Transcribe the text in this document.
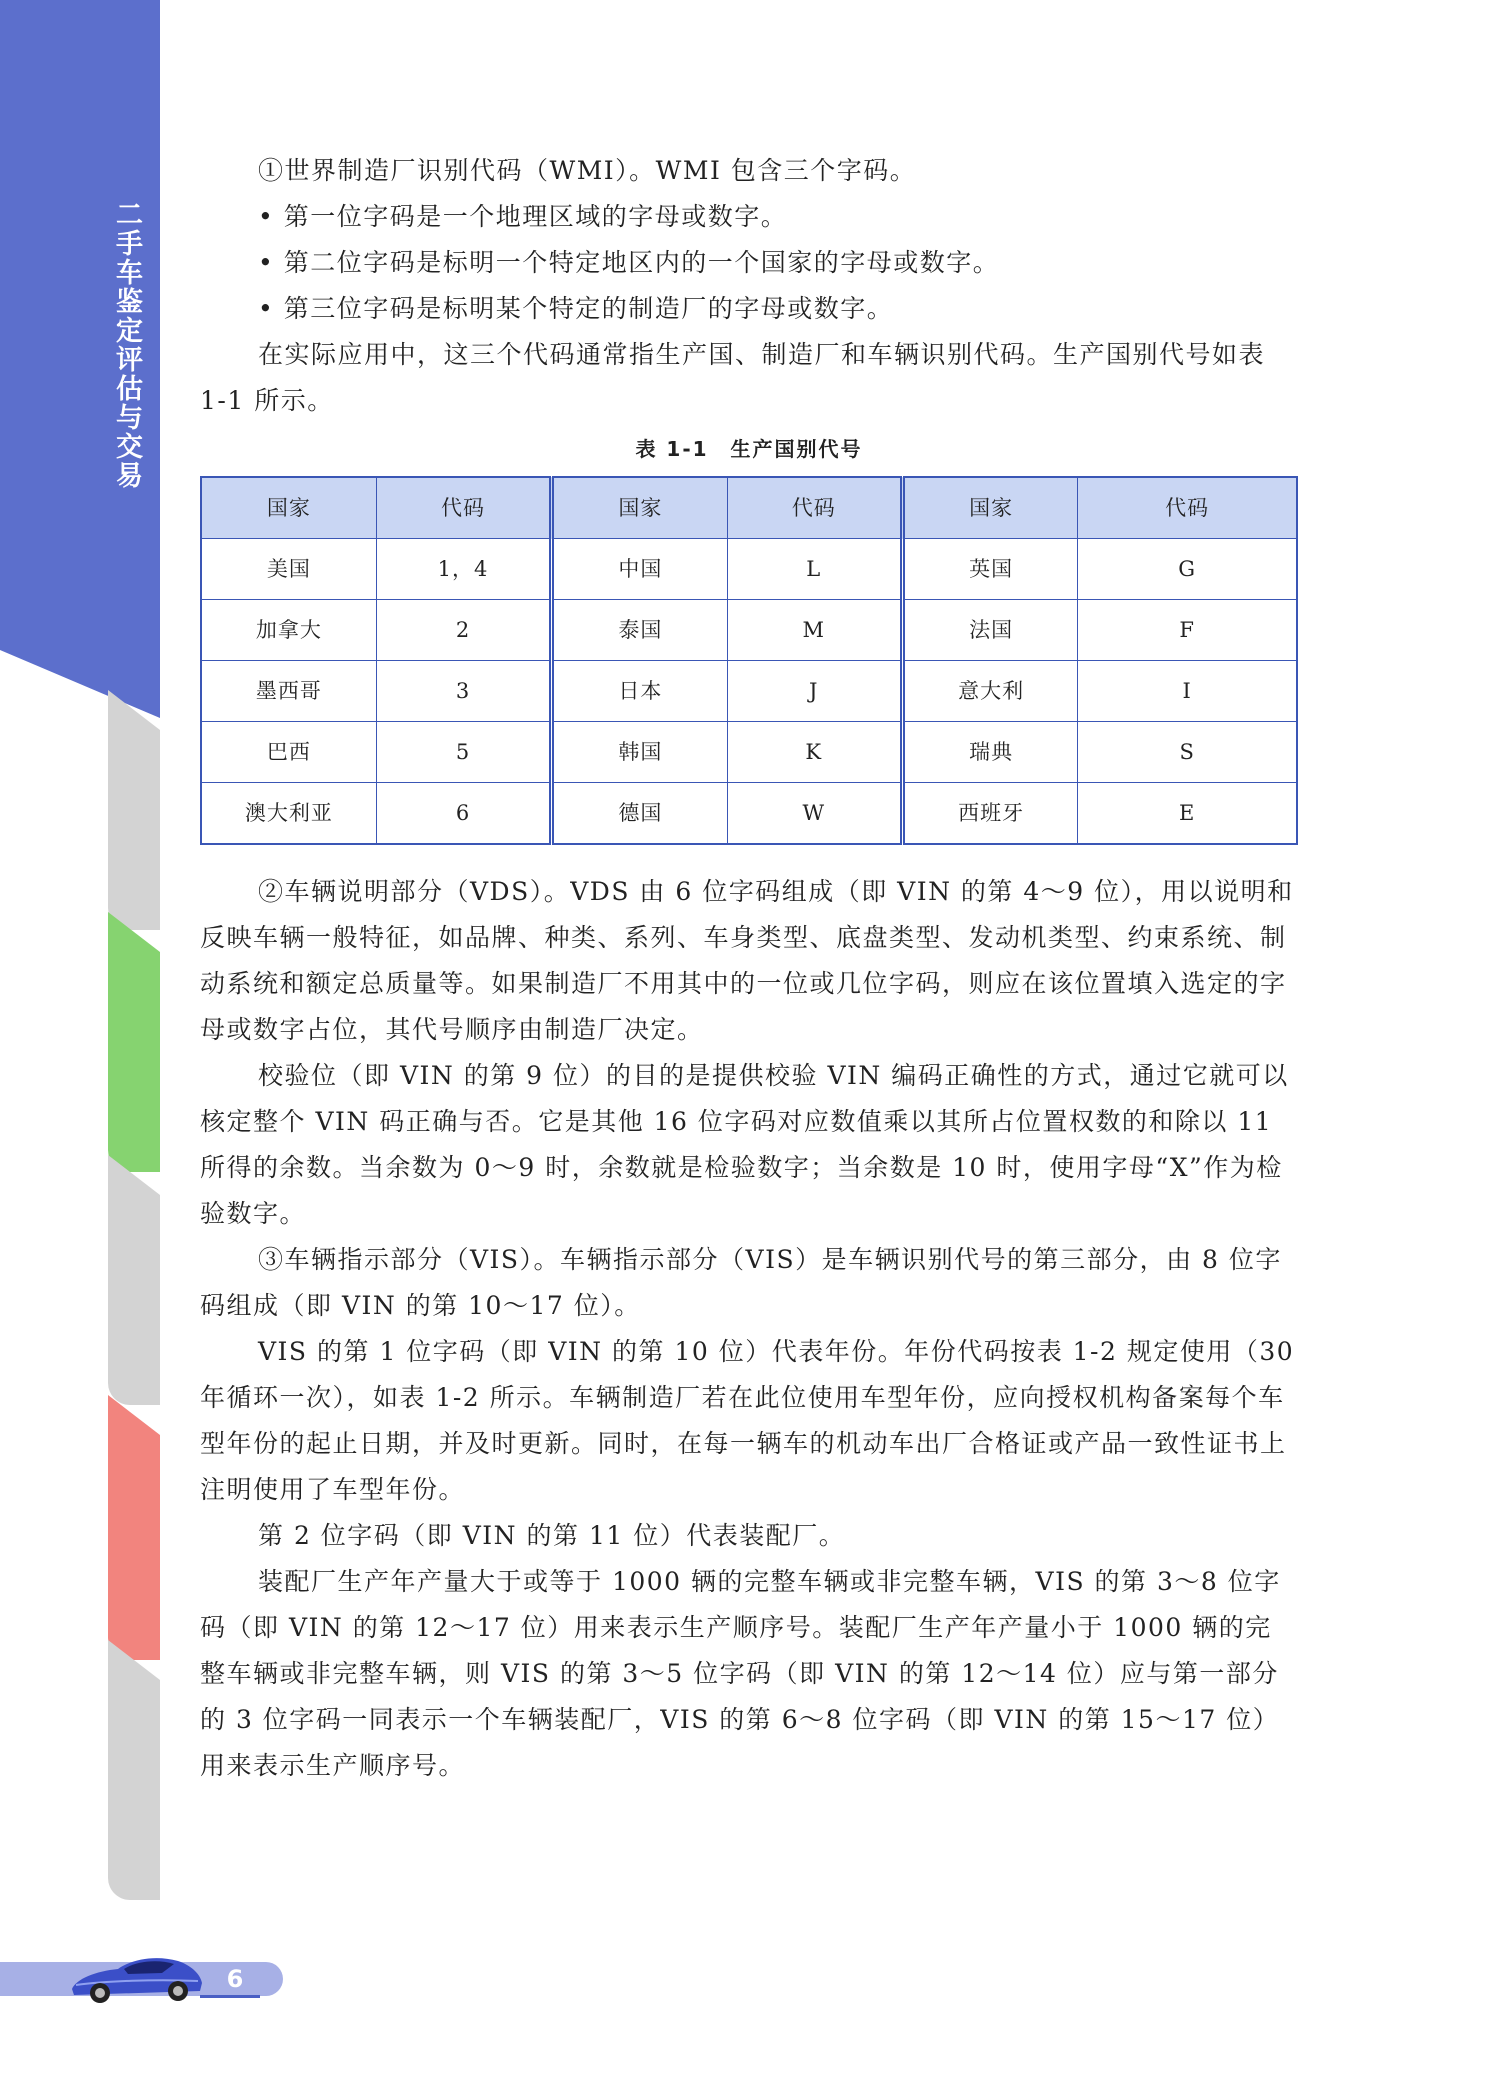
二手车鉴定评估与交易

①世界制造厂识别代码（WMI）。WMI 包含三个字码。

• 第一位字码是一个地理区域的字母或数字。

• 第二位字码是标明一个特定地区内的一个国家的字母或数字。

• 第三位字码是标明某个特定的制造厂的字母或数字。

在实际应用中，这三个代码通常指生产国、制造厂和车辆识别代码。生产国别代号如表 1-1 所示。

表 1-1　生产国别代号
国家	代码	国家	代码	国家	代码
美国	1，4	中国	L	英国	G
加拿大	2	泰国	M	法国	F
墨西哥	3	日本	J	意大利	I
巴西	5	韩国	K	瑞典	S
澳大利亚	6	德国	W	西班牙	E

②车辆说明部分（VDS）。VDS 由 6 位字码组成（即 VIN 的第 4～9 位），用以说明和反映车辆一般特征，如品牌、种类、系列、车身类型、底盘类型、发动机类型、约束系统、制动系统和额定总质量等。如果制造厂不用其中的一位或几位字码，则应在该位置填入选定的字母或数字占位，其代号顺序由制造厂决定。

校验位（即 VIN 的第 9 位）的目的是提供校验 VIN 编码正确性的方式，通过它就可以核定整个 VIN 码正确与否。它是其他 16 位字码对应数值乘以其所占位置权数的和除以 11 所得的余数。当余数为 0～9 时，余数就是检验数字；当余数是 10 时，使用字母“X”作为检验数字。

③车辆指示部分（VIS）。车辆指示部分（VIS）是车辆识别代号的第三部分，由 8 位字码组成（即 VIN 的第 10～17 位）。

VIS 的第 1 位字码（即 VIN 的第 10 位）代表年份。年份代码按表 1-2 规定使用（30 年循环一次），如表 1-2 所示。车辆制造厂若在此位使用车型年份，应向授权机构备案每个车型年份的起止日期，并及时更新。同时，在每一辆车的机动车出厂合格证或产品一致性证书上注明使用了车型年份。

第 2 位字码（即 VIN 的第 11 位）代表装配厂。

装配厂生产年产量大于或等于 1000 辆的完整车辆或非完整车辆，VIS 的第 3～8 位字码（即 VIN 的第 12～17 位）用来表示生产顺序号。装配厂生产年产量小于 1000 辆的完整车辆或非完整车辆，则 VIS 的第 3～5 位字码（即 VIN 的第 12～14 位）应与第一部分的 3 位字码一同表示一个车辆装配厂，VIS 的第 6～8 位字码（即 VIN 的第 15～17 位）用来表示生产顺序号。

6
